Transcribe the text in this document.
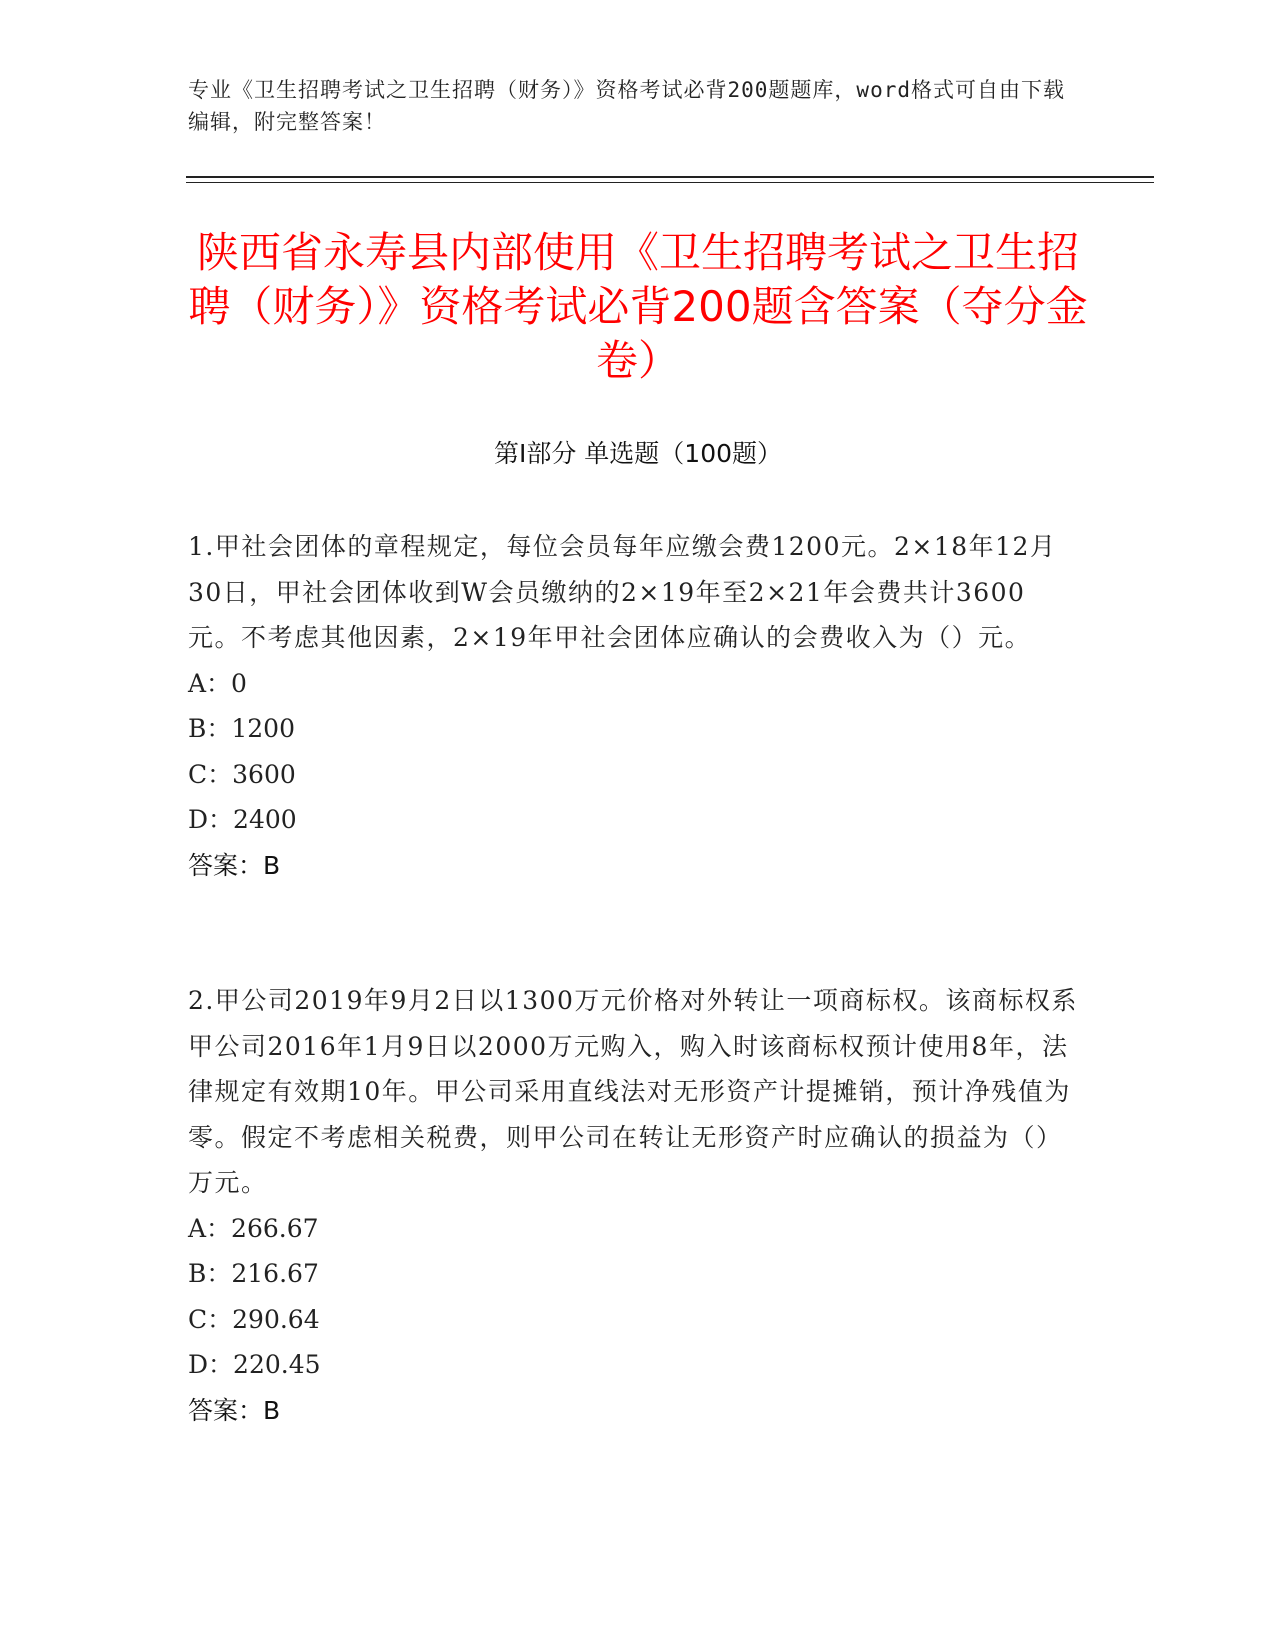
专业《卫生招聘考试之卫生招聘（财务）》资格考试必背200题题库，word格式可自由下载编辑，附完整答案！
陕西省永寿县内部使用《卫生招聘考试之卫生招聘（财务）》资格考试必背200题含答案（夺分金卷）
第I部分 单选题（100题）
1.甲社会团体的章程规定，每位会员每年应缴会费1200元。2×18年12月30日，甲社会团体收到W会员缴纳的2×19年至2×21年会费共计3600元。不考虑其他因素，2×19年甲社会团体应确认的会费收入为（）元。
A：0
B：1200
C：3600
D：2400
答案：B
2.甲公司2019年9月2日以1300万元价格对外转让一项商标权。该商标权系甲公司2016年1月9日以2000万元购入，购入时该商标权预计使用8年，法律规定有效期10年。甲公司采用直线法对无形资产计提摊销，预计净残值为零。假定不考虑相关税费，则甲公司在转让无形资产时应确认的损益为（）万元。
A：266.67
B：216.67
C：290.64
D：220.45
答案：B
